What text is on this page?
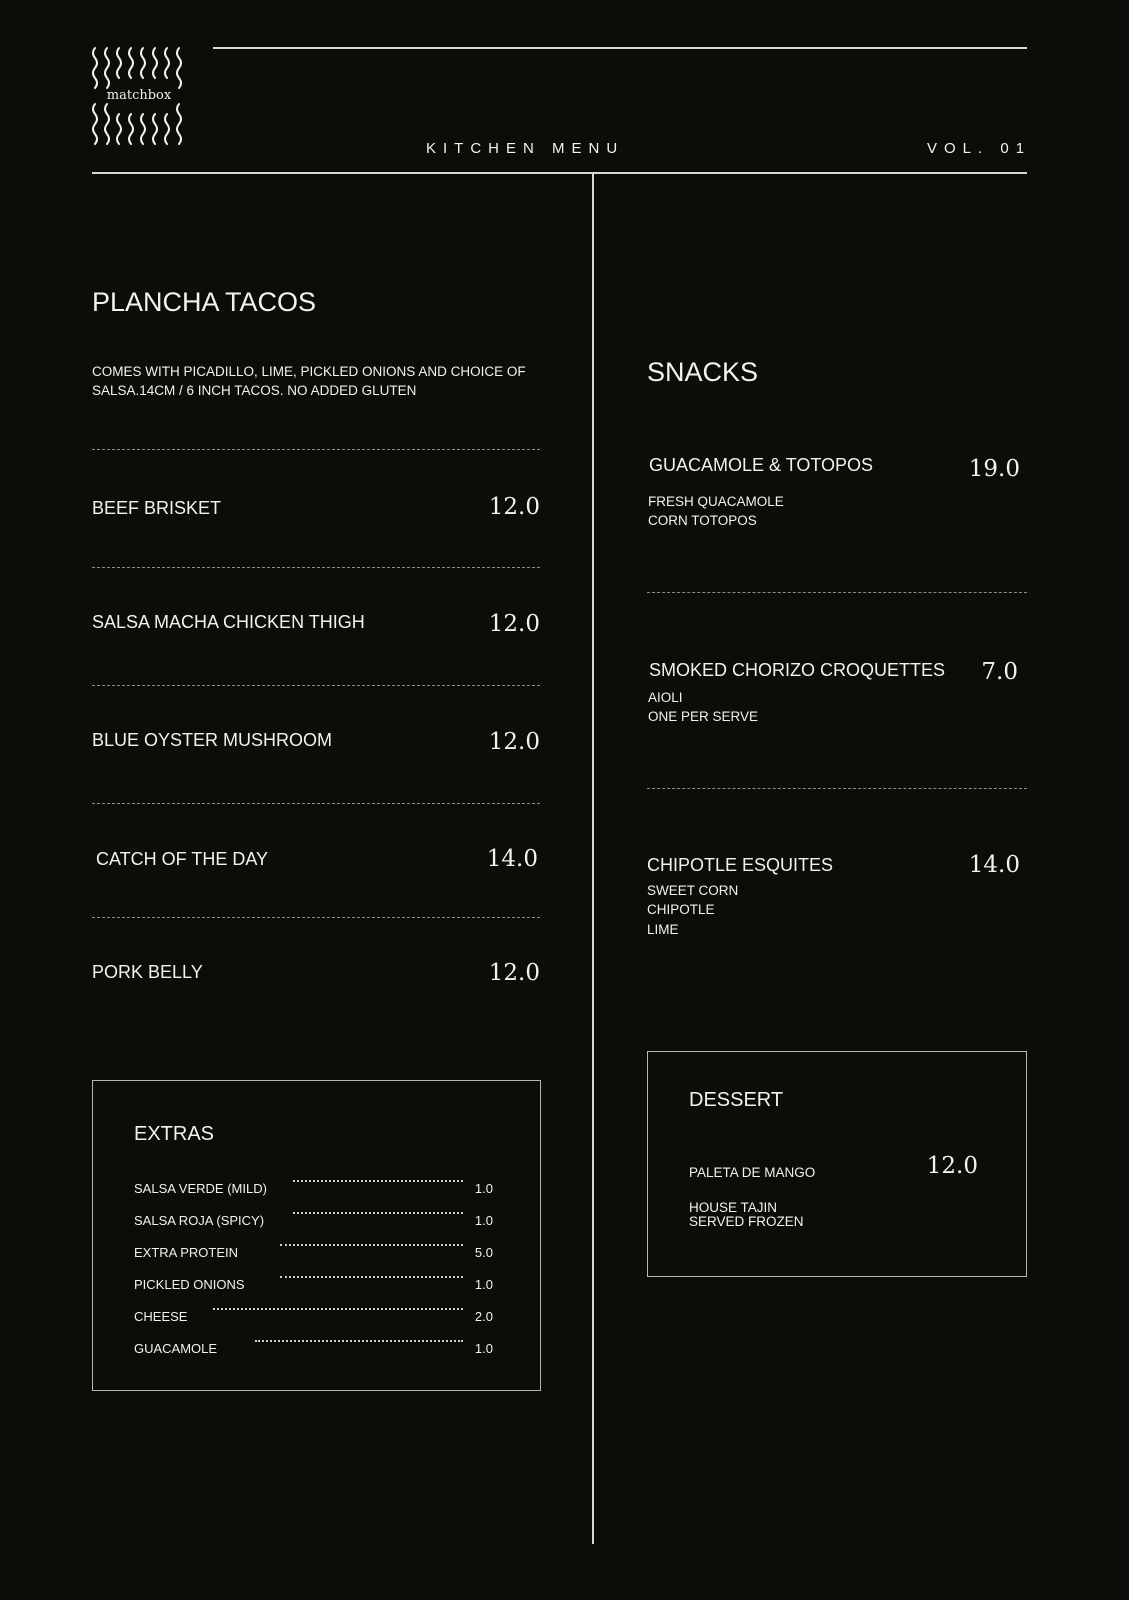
matchbox
KITCHEN MENU	VOL. 01
PLANCHA TACOS
COMES WITH PICADILLO, LIME, PICKLED ONIONS AND CHOICE OF
SALSA.14CM / 6 INCH TACOS. NO ADDED GLUTEN
BEEF BRISKET	12.0
SALSA MACHA CHICKEN THIGH	12.0
BLUE OYSTER MUSHROOM	12.0
CATCH OF THE DAY	14.0
PORK BELLY	12.0
EXTRAS
SALSA VERDE (MILD)	1.0
SALSA ROJA (SPICY)	1.0
EXTRA PROTEIN	5.0
PICKLED ONIONS	1.0
CHEESE	2.0
GUACAMOLE	1.0
SNACKS
GUACAMOLE & TOTOPOS	19.0
FRESH QUACAMOLE
CORN TOTOPOS
SMOKED CHORIZO CROQUETTES	7.0
AIOLI
ONE PER SERVE
CHIPOTLE ESQUITES	14.0
SWEET CORN
CHIPOTLE
LIME
DESSERT
PALETA DE MANGO	12.0
HOUSE TAJIN
SERVED FROZEN
